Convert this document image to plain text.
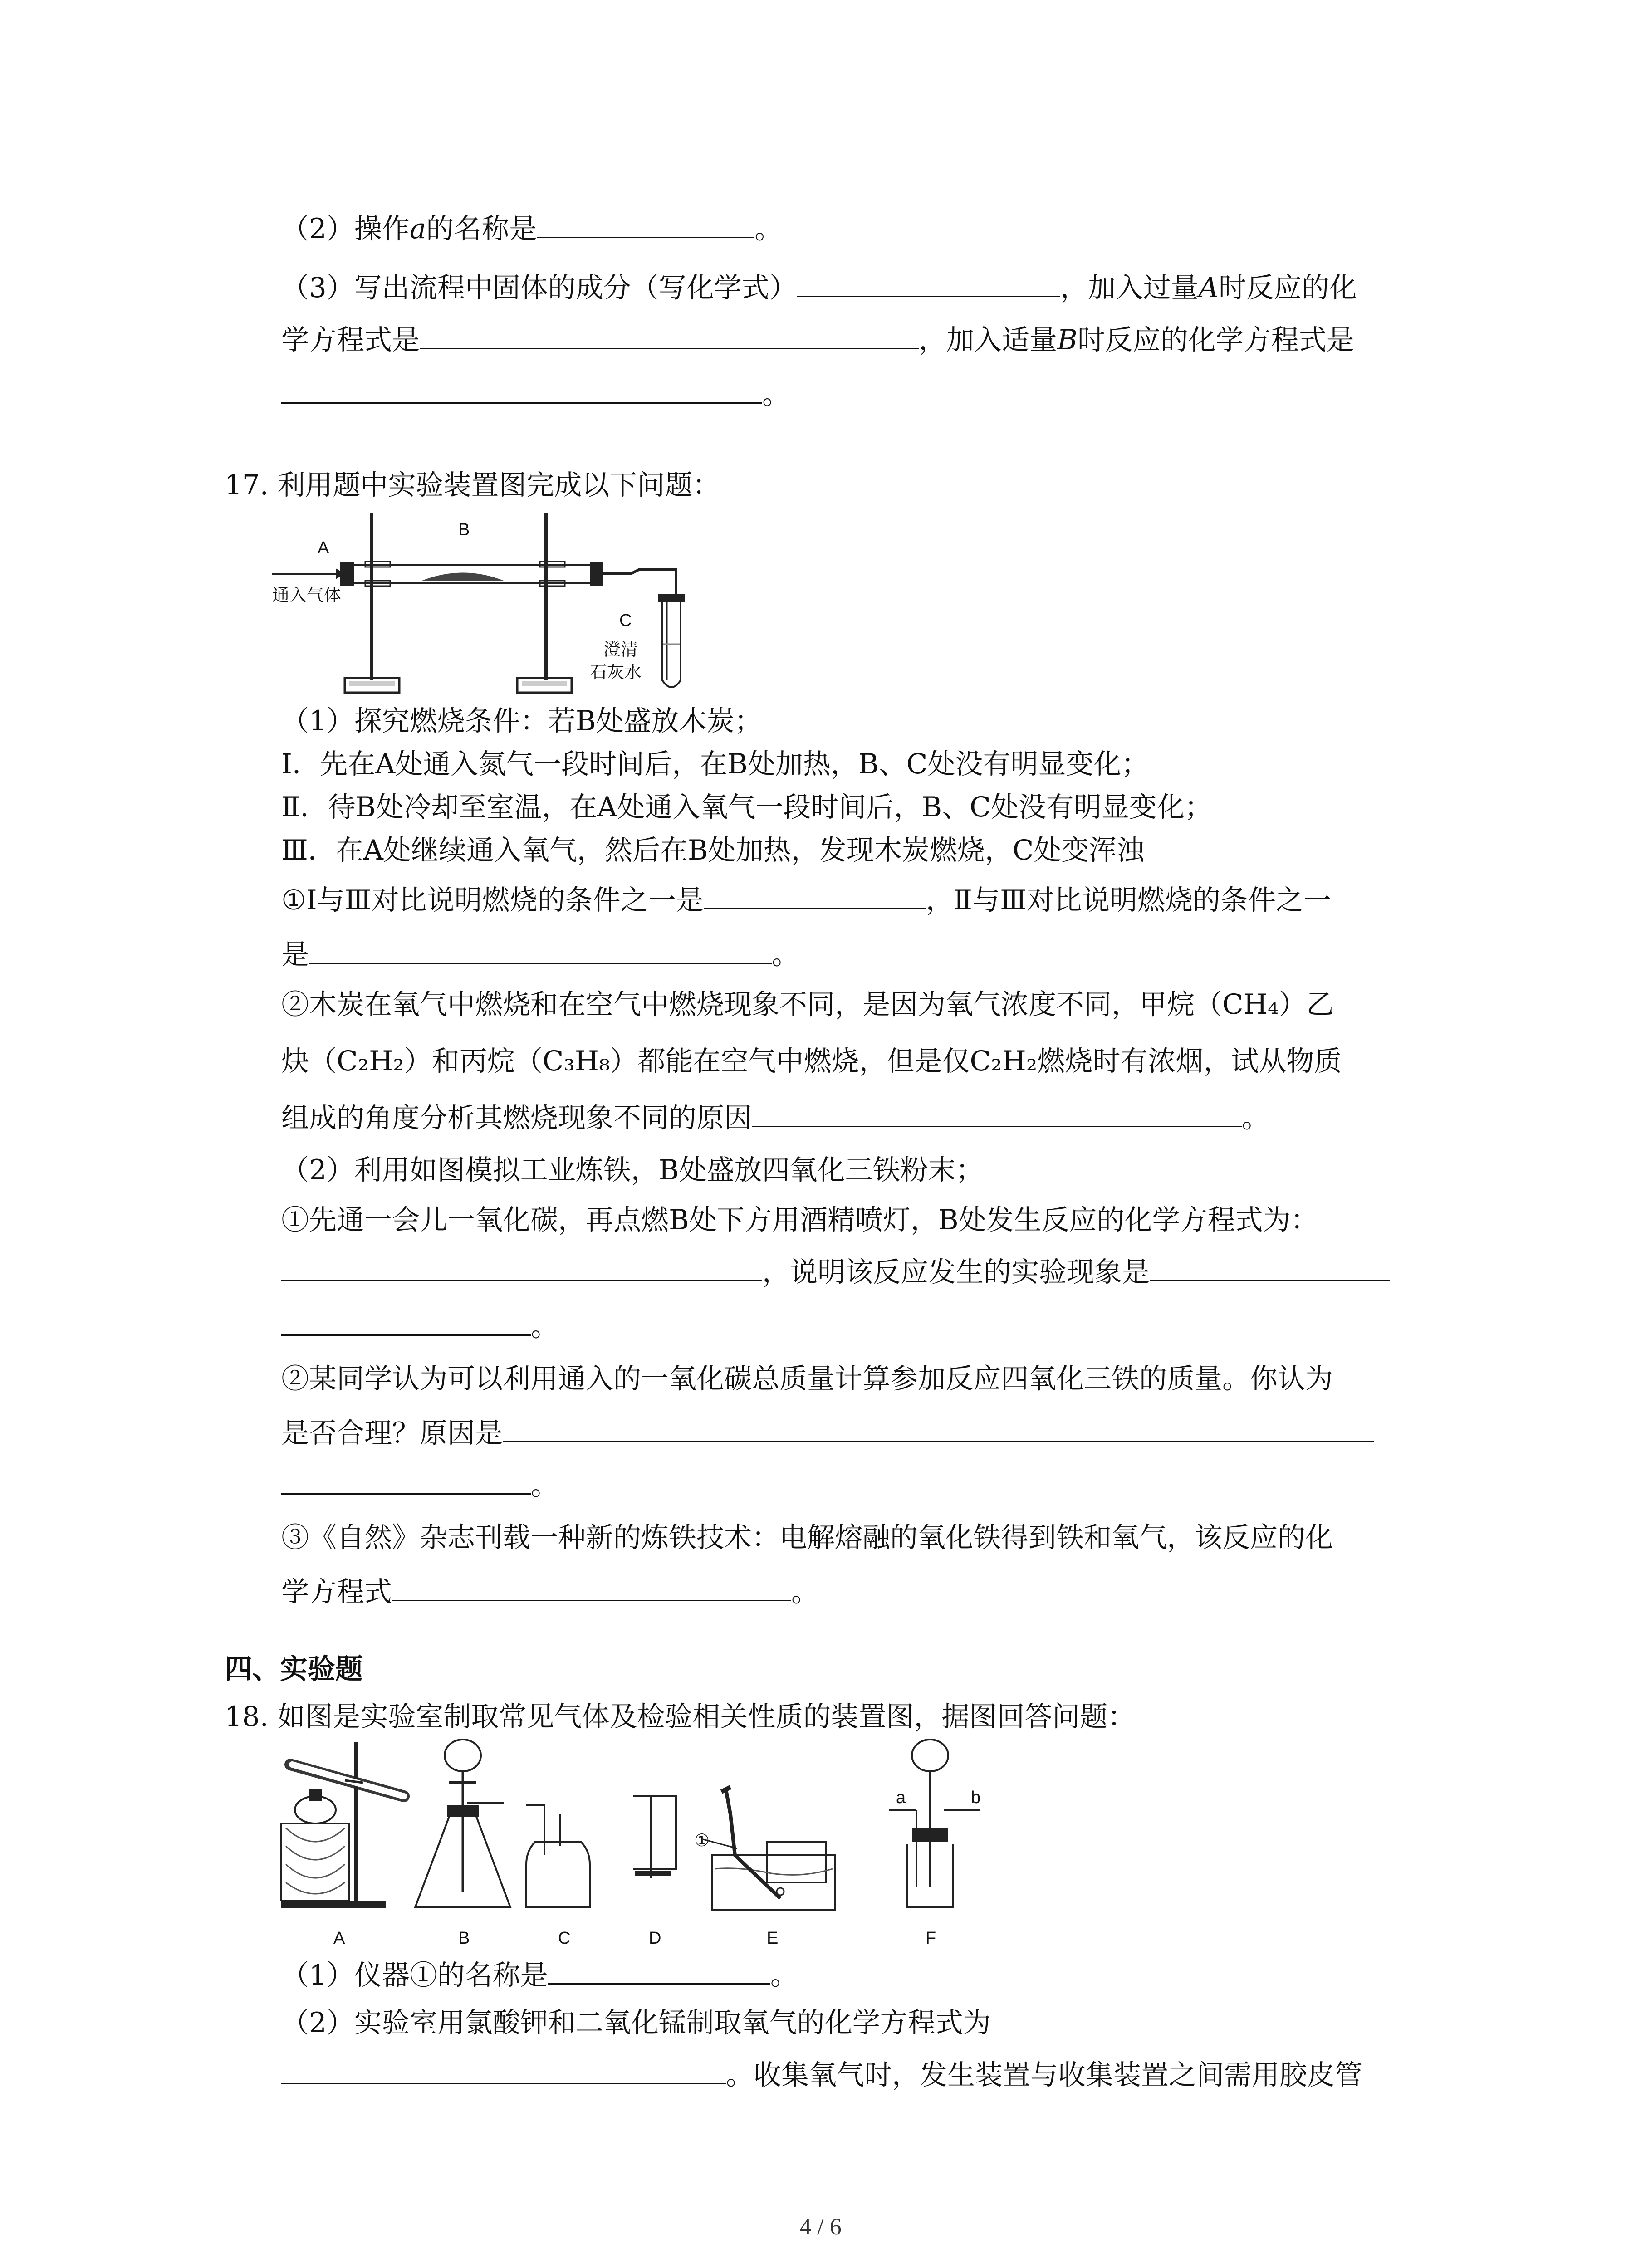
（2）操作a的名称是	。
（3）写出流程中固体的成分（写化学式）	，加入过量A时反应的化
学方程式是	，加入适量B时反应的化学方程式是
。
17. 利用题中实验装置图完成以下问题：
A
B
C
通入气体
澄清
石灰水
（1）探究燃烧条件：若B处盛放木炭；
I．先在A处通入氮气一段时间后，在B处加热，B、C处没有明显变化；
Ⅱ．待B处冷却至室温，在A处通入氧气一段时间后，B、C处没有明显变化；
Ⅲ．在A处继续通入氧气，然后在B处加热，发现木炭燃烧，C处变浑浊
①Ⅰ与Ⅲ对比说明燃烧的条件之一是	，Ⅱ与Ⅲ对比说明燃烧的条件之一
是	。
②木炭在氧气中燃烧和在空气中燃烧现象不同，是因为氧气浓度不同，甲烷（CH₄）乙
炔（C₂H₂）和丙烷（C₃H₈）都能在空气中燃烧，但是仅C₂H₂燃烧时有浓烟，试从物质
组成的角度分析其燃烧现象不同的原因	。
（2）利用如图模拟工业炼铁，B处盛放四氧化三铁粉末；
①先通一会儿一氧化碳，再点燃B处下方用酒精喷灯，B处发生反应的化学方程式为：
，说明该反应发生的实验现象是
。
②某同学认为可以利用通入的一氧化碳总质量计算参加反应四氧化三铁的质量。你认为
是否合理？原因是
。
③《自然》杂志刊载一种新的炼铁技术：电解熔融的氧化铁得到铁和氧气，该反应的化
学方程式	。
四、实验题
18. 如图是实验室制取常见气体及检验相关性质的装置图，据图回答问题：
a	b
①
A	B	C	D	E	F
（1）仪器①的名称是	。
（2）实验室用氯酸钾和二氧化锰制取氧气的化学方程式为
。收集氧气时，发生装置与收集装置之间需用胶皮管
4 / 6
